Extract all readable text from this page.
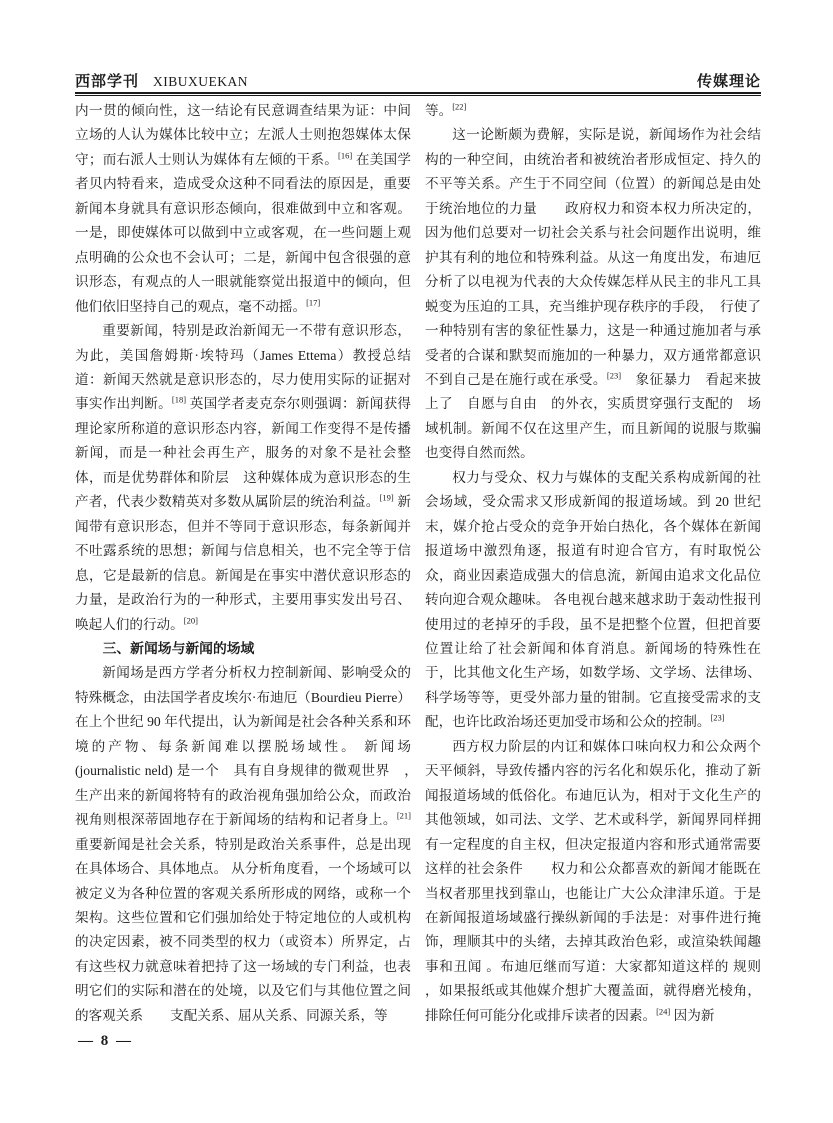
西部学刊 XIBUXUEKAN	传媒理论

内一贯的倾向性，这一结论有民意调查结果为证：中间立场的人认为媒体比较中立；左派人士则抱怨媒体太保守；而右派人士则认为媒体有左倾的干系。[16] 在美国学者贝内特看来，造成受众这种不同看法的原因是，重要新闻本身就具有意识形态倾向，很难做到中立和客观。一是，即使媒体可以做到中立或客观，在一些问题上观点明确的公众也不会认可；二是，新闻中包含很强的意识形态，有观点的人一眼就能察觉出报道中的倾向，但他们依旧坚持自己的观点，毫不动摇。[17]

重要新闻，特别是政治新闻无一不带有意识形态，为此，美国詹姆斯·埃特玛（James Ettema）教授总结道：新闻天然就是意识形态的，尽力使用实际的证据对事实作出判断。[18] 英国学者麦克奈尔则强调：新闻获得理论家所称道的意识形态内容，新闻工作变得不是传播新闻，而是一种社会再生产，服务的对象不是社会整体，而是优势群体和阶层　这种媒体成为意识形态的生产者，代表少数精英对多数从属阶层的统治利益。[19] 新闻带有意识形态，但并不等同于意识形态，每条新闻并不吐露系统的思想；新闻与信息相关，也不完全等于信息，它是最新的信息。新闻是在事实中潜伏意识形态的力量，是政治行为的一种形式，主要用事实发出号召、唤起人们的行动。[20]

三、新闻场与新闻的场域

新闻场是西方学者分析权力控制新闻、影响受众的特殊概念，由法国学者皮埃尔·布迪厄（Bourdieu Pierre）在上个世纪 90 年代提出，认为新闻是社会各种关系和环境的产物、每条新闻难以摆脱场域性。 新闻场 (journalistic neld) 是一个　具有自身规律的微观世界　，　生产出来的新闻将特有的政治视角强加给公众，而政治视角则根深蒂固地存在于新闻场的结构和记者身上。[21] 重要新闻是社会关系，特别是政治关系事件，总是出现在具体场合、具体地点。 从分析角度看，一个场域可以被定义为各种位置的客观关系所形成的网络，或称一个架构。这些位置和它们强加给处于特定地位的人或机构的决定因素，被不同类型的权力（或资本）所界定，占有这些权力就意味着把持了这一场域的专门利益，也表明它们的实际和潜在的处境，以及它们与其他位置之间的客观关系　　支配关系、屈从关系、同源关系，等

等。[22]

这一论断颇为费解，实际是说，新闻场作为社会结构的一种空间，由统治者和被统治者形成恒定、持久的不平等关系。产生于不同空间（位置）的新闻总是由处于统治地位的力量　　政府权力和资本权力所决定的，因为他们总要对一切社会关系与社会问题作出说明，维护其有利的地位和特殊利益。从这一角度出发，布迪厄分析了以电视为代表的大众传媒怎样从民主的非凡工具蜕变为压迫的工具，充当维护现存秩序的手段，　行使了一种特别有害的象征性暴力，这是一种通过施加者与承受者的合谋和默契而施加的一种暴力，双方通常都意识不到自己是在施行或在承受。[23]　象征暴力　看起来披上了　自愿与自由　的外衣，实质贯穿强行支配的　场域机制。新闻不仅在这里产生，而且新闻的说服与欺骗也变得自然而然。

权力与受众、权力与媒体的支配关系构成新闻的社会场域，受众需求又形成新闻的报道场域。到 20 世纪末，媒介抢占受众的竞争开始白热化，各个媒体在新闻报道场中激烈角逐，报道有时迎合官方，有时取悦公众，商业因素造成强大的信息流，新闻由追求文化品位转向迎合观众趣味。 各电视台越来越求助于轰动性报刊使用过的老掉牙的手段，虽不是把整个位置，但把首要位置让给了社会新闻和体育消息。新闻场的特殊性在于，比其他文化生产场，如数学场、文学场、法律场、科学场等等，更受外部力量的钳制。它直接受需求的支配，也许比政治场还更加受市场和公众的控制。[23]

西方权力阶层的内讧和媒体口味向权力和公众两个天平倾斜，导致传播内容的污名化和娱乐化，推动了新闻报道场域的低俗化。布迪厄认为，相对于文化生产的其他领域，如司法、文学、艺术或科学，新闻界同样拥有一定程度的自主权，但决定报道内容和形式通常需要这样的社会条件　　权力和公众都喜欢的新闻才能既在当权者那里找到靠山，也能让广大公众津津乐道。于是在新闻报道场域盛行操纵新闻的手法是：对事件进行掩饰，理顺其中的头绪，去掉其政治色彩，或渲染轶闻趣事和丑闻 。布迪厄继而写道：大家都知道这样的 规则 ，如果报纸或其他媒介想扩大覆盖面，就得磨光棱角，排除任何可能分化或排斥读者的因素。[24] 因为新

— 8 —
